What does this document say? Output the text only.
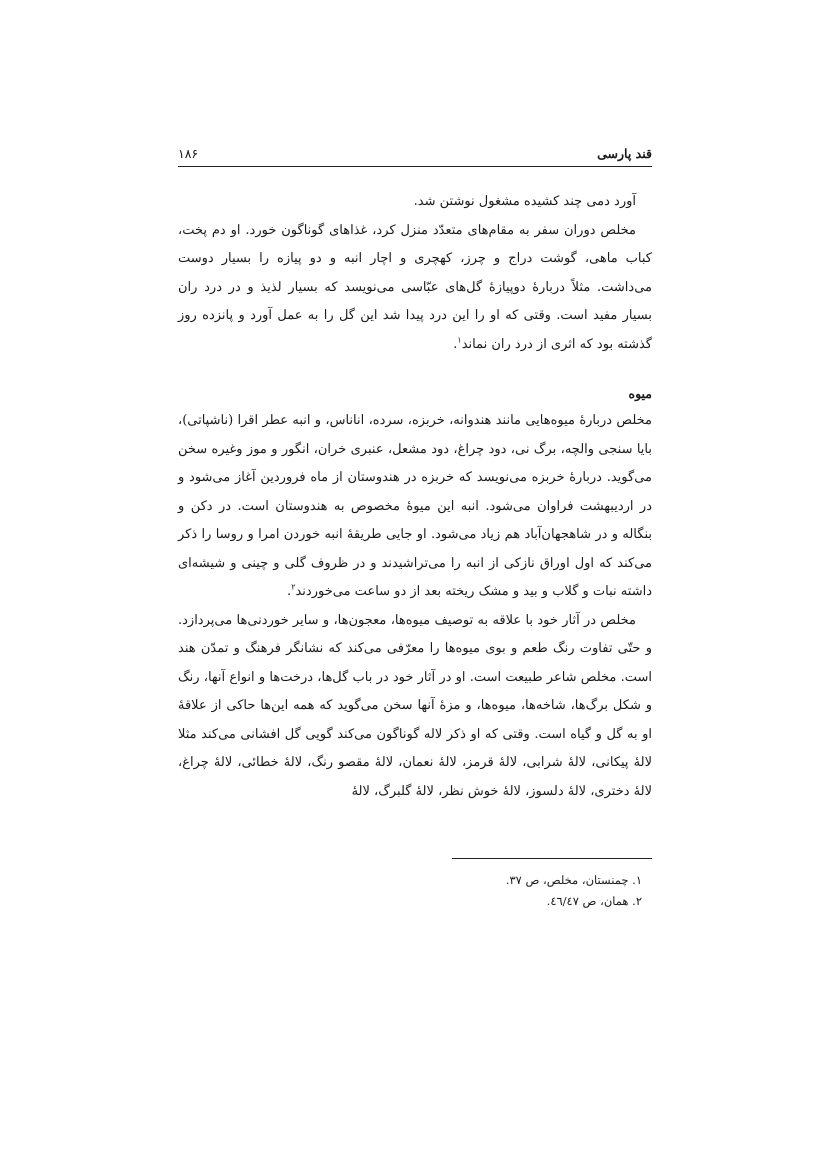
قند پارسی
۱۸۶

آورد دمی چند کشیده مشغول نوشتن شد.

مخلص دوران سفر به مقام‌های متعدّد منزل کرد، غذاهای گوناگون خورد. او دم پخت، کباب ماهی، گوشت دراج و چرز، کهچری و اچار انبه و دو پیازه را بسیار دوست می‌داشت. مثلاً دربارهٔ دوپیازهٔ گل‌های عبّاسی می‌نویسد که بسیار لذیذ و در درد ران بسیار مفید است. وقتی که او را این درد پیدا شد این گل را به عمل آورد و پانزده روز گذشته بود که اثری از درد ران نماند$^۱$.

میوه

مخلص دربارهٔ میوه‌هایی مانند هندوانه، خربزه، سرده، اناناس، و انبه عطر اقرا (ناشپاتی)، بایا سنجی والچه، برگ نی، دود چراغ، دود مشعل، عنبری خران، انگور و موز وغیره سخن می‌گوید. دربارهٔ خربزه می‌نویسد که خربزه در هندوستان از ماه فروردین آغاز می‌شود و در اردیبهشت فراوان می‌شود. انبه این میوهٔ مخصوص به هندوستان است. در دکن و بنگاله و در شاهجهان‌آباد هم زیاد می‌شود. او جایی طریقهٔ انبه خوردن امرا و روسا را ذکر می‌کند که اول اوراق نازکی از انبه را می‌تراشیدند و در ظروف گلی و چینی و شیشه‌ای داشته نبات و گلاب و بید و مشک ریخته بعد از دو ساعت می‌خوردند$^۲$.

مخلص در آثار خود با علاقه به توصیف میوه‌ها، معجون‌ها، و سایر خوردنی‌ها می‌پردازد. و حتّی تفاوت رنگ طعم و بوی میوه‌ها را معرّفی می‌کند که نشانگر فرهنگ و تمدّن هند است. مخلص شاعر طبیعت است. او در آثار خود در باب گل‌ها، درخت‌ها و انواع آنها، رنگ و شکل برگ‌ها، شاخه‌ها، میوه‌ها، و مزهٔ آنها سخن می‌گوید که همه این‌ها حاکی از علاقهٔ او به گل و گیاه است. وقتی که او ذکر لاله گوناگون می‌کند گویی گل افشانی می‌کند مثلا لالهٔ پیکانی، لالهٔ شرابی، لالهٔ قرمز، لالهٔ نعمان، لالهٔ مقصو رنگ، لالهٔ خطائی، لالهٔ چراغ، لالهٔ دختری، لالهٔ دلسوز، لالهٔ خوش نظر، لالهٔ گلبرگ، لالهٔ

۱. چمنستان، مخلص، ص ۳۷.
۲. همان، ص ٤٦/٤٧.
